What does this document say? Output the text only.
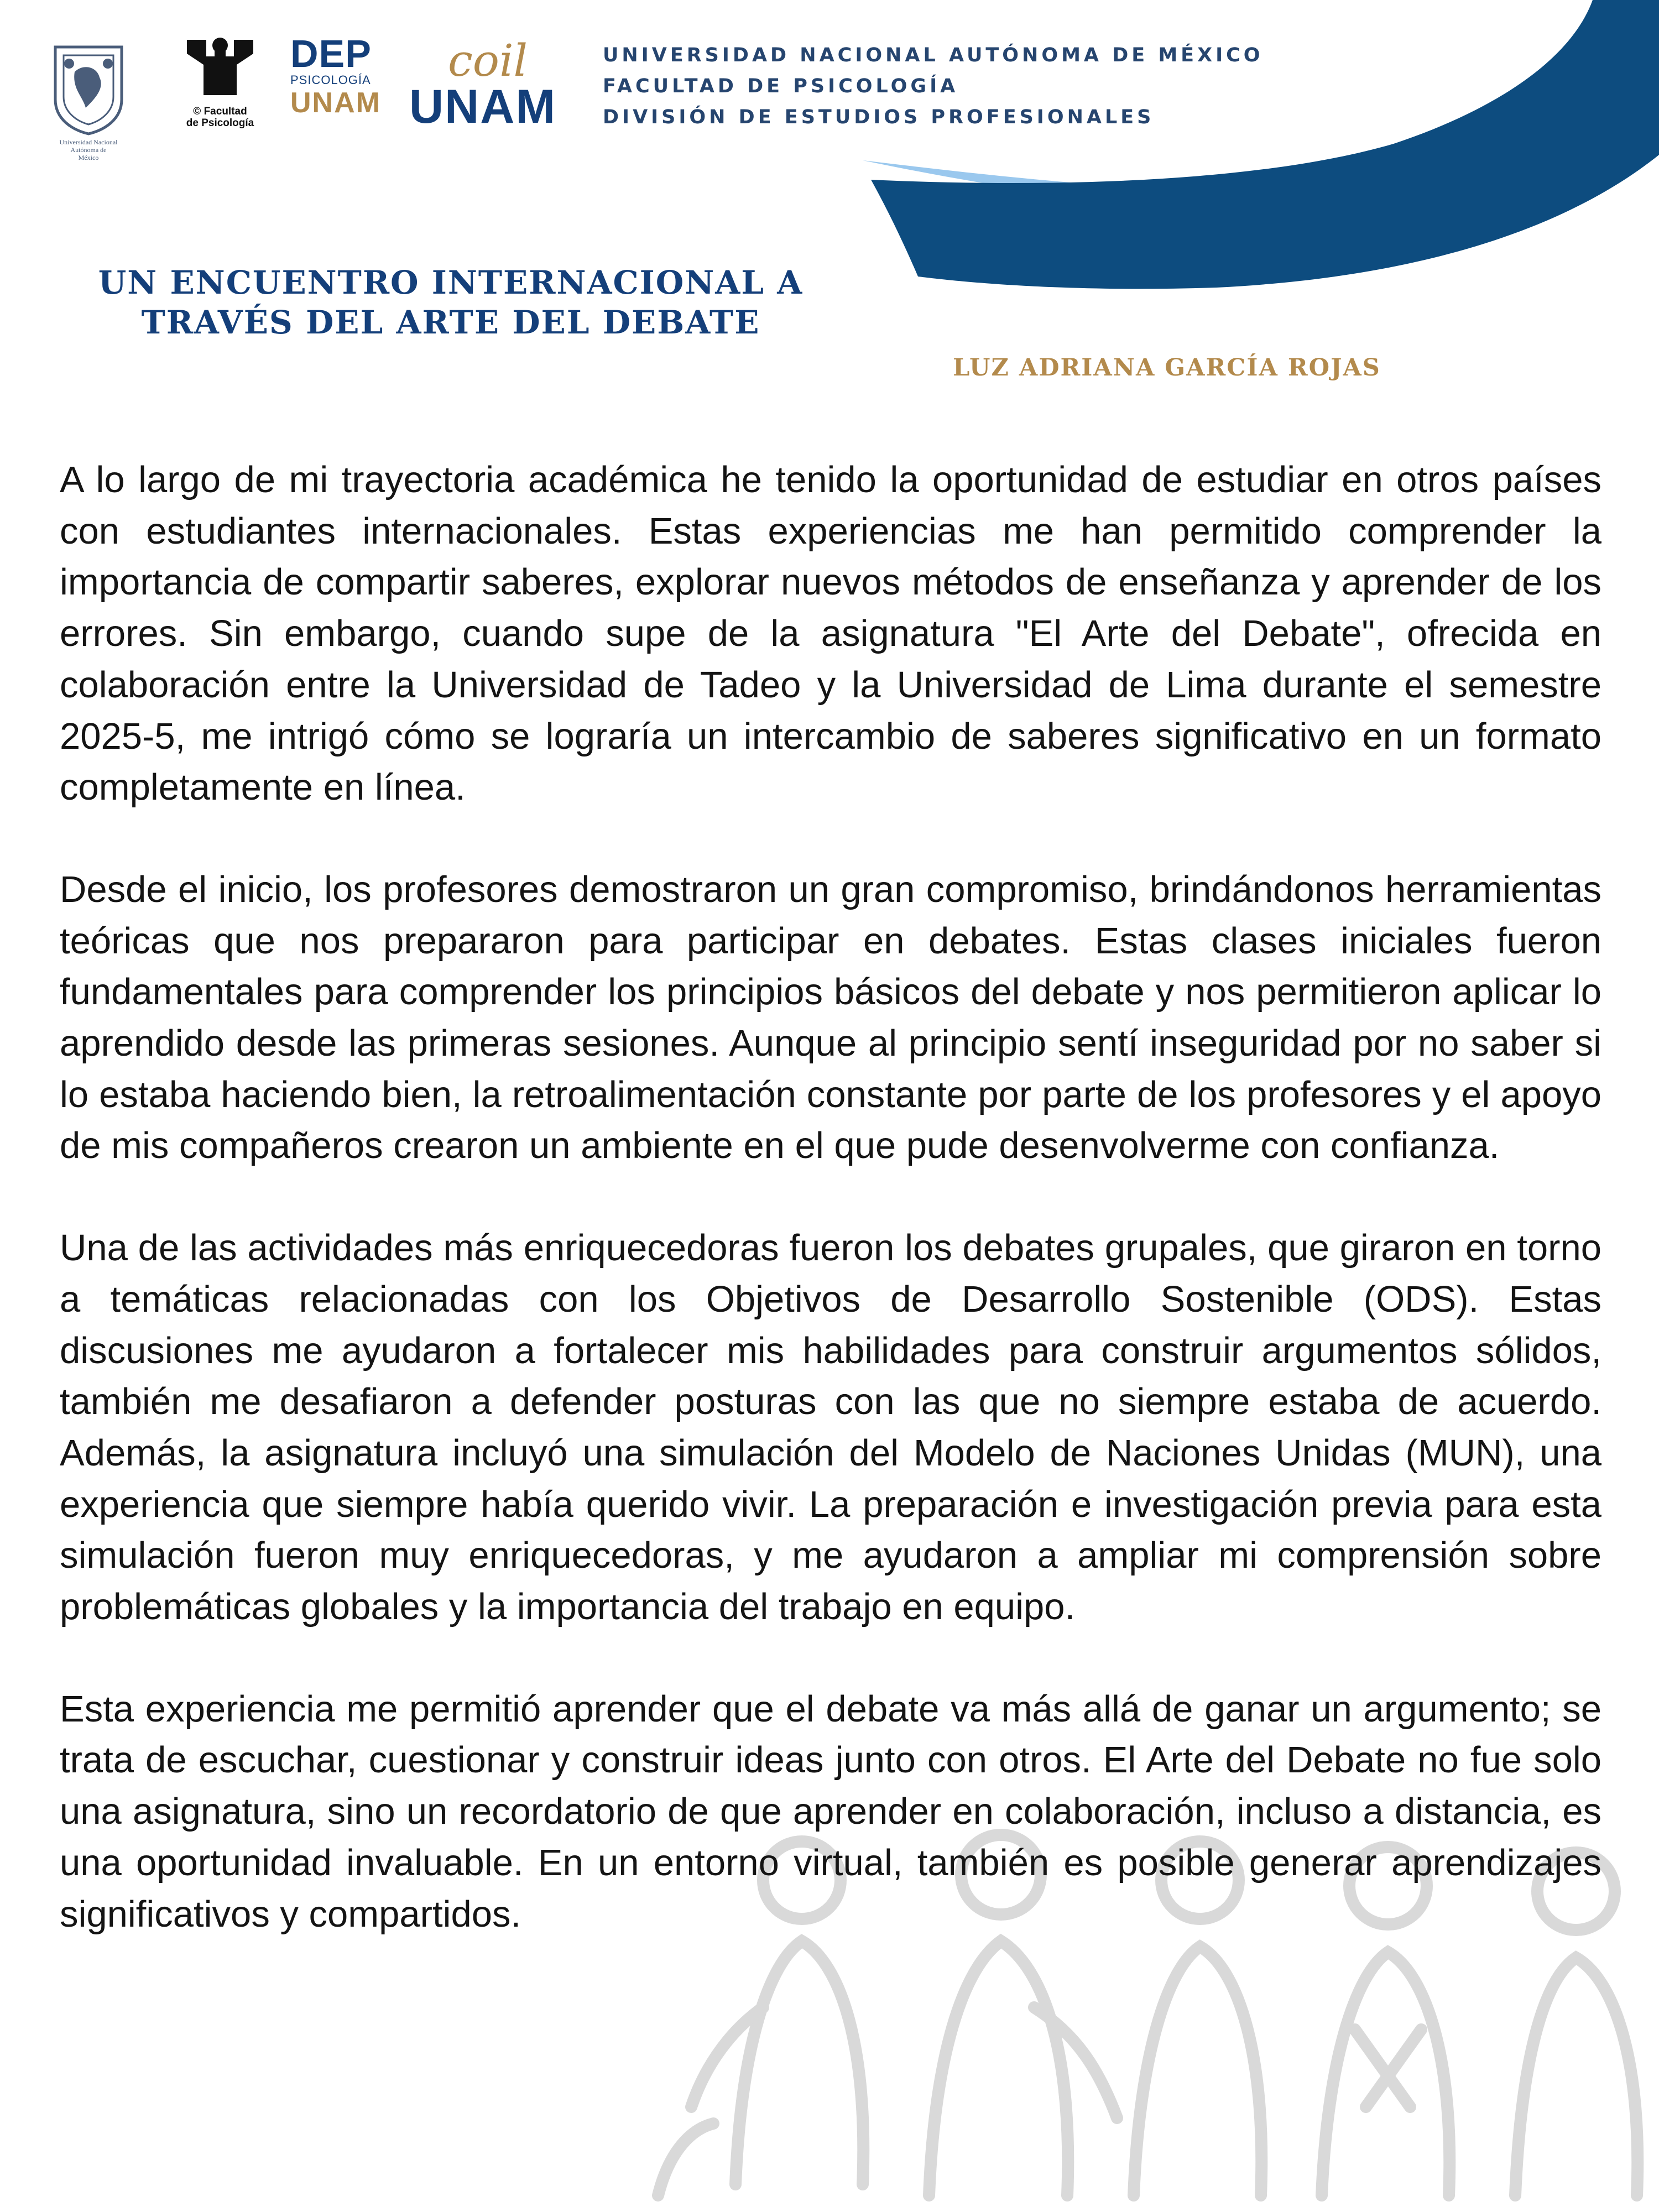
Universidad Nacional
Autónoma de
México
© Facultad
de Psicología
DEP
PSICOLOGÍA
UNAM
coil
UNAM
UNIVERSIDAD NACIONAL AUTÓNOMA DE MÉXICO
FACULTAD DE PSICOLOGÍA
DIVISIÓN DE ESTUDIOS PROFESIONALES
UN ENCUENTRO INTERNACIONAL A
TRAVÉS DEL ARTE DEL DEBATE
LUZ ADRIANA GARCÍA ROJAS

A lo largo de mi trayectoria académica he tenido la oportunidad de estudiar en otros países con estudiantes internacionales. Estas experiencias me han permitido comprender la importancia de compartir saberes, explorar nuevos métodos de enseñanza y aprender de los errores. Sin embargo, cuando supe de la asignatura "El Arte del Debate", ofrecida en colaboración entre la Universidad de Tadeo y la Universidad de Lima durante el semestre 2025-5, me intrigó cómo se lograría un intercambio de saberes significativo en un formato completamente en línea.

Desde el inicio, los profesores demostraron un gran compromiso, brindándonos herramientas teóricas que nos prepararon para participar en debates. Estas clases iniciales fueron fundamentales para comprender los principios básicos del debate y nos permitieron aplicar lo aprendido desde las primeras sesiones. Aunque al principio sentí inseguridad por no saber si lo estaba haciendo bien, la retroalimentación constante por parte de los profesores y el apoyo de mis compañeros crearon un ambiente en el que pude desenvolverme con confianza.

Una de las actividades más enriquecedoras fueron los debates grupales, que giraron en torno a temáticas relacionadas con los Objetivos de Desarrollo Sostenible (ODS). Estas discusiones me ayudaron a fortalecer mis habilidades para construir argumentos sólidos, también me desafiaron a defender posturas con las que no siempre estaba de acuerdo. Además, la asignatura incluyó una simulación del Modelo de Naciones Unidas (MUN), una experiencia que siempre había querido vivir. La preparación e investigación previa para esta simulación fueron muy enriquecedoras, y me ayudaron a ampliar mi comprensión sobre problemáticas globales y la importancia del trabajo en equipo.

Esta experiencia me permitió aprender que el debate va más allá de ganar un argumento; se trata de escuchar, cuestionar y construir ideas junto con otros. El Arte del Debate no fue solo una asignatura, sino un recordatorio de que aprender en colaboración, incluso a distancia, es una oportunidad invaluable. En un entorno virtual, también es posible generar aprendizajes significativos y compartidos.
